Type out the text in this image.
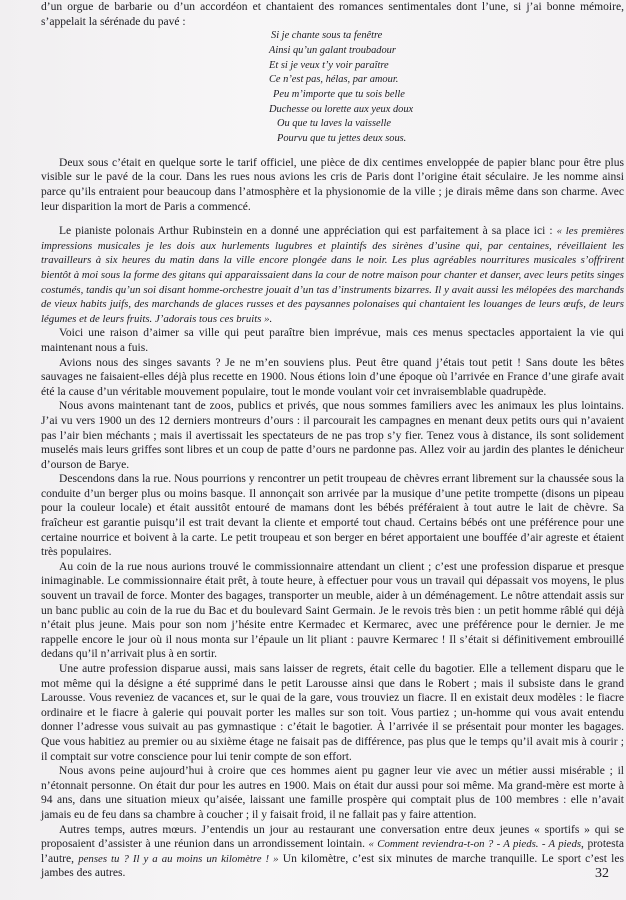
d’un orgue de barbarie ou d’un accordéon et chantaient des romances sentimentales dont l’une, si j’ai bonne mémoire, s’appelait la sérénade du pavé :

Si je chante sous ta fenêtre
Ainsi qu’un galant troubadour
Et si je veux t’y voir paraître
Ce n’est pas, hélas, par amour.
Peu m’importe que tu sois belle
Duchesse ou lorette aux yeux doux
Ou que tu laves la vaisselle
Pourvu que tu jettes deux sous.

Deux sous c’était en quelque sorte le tarif officiel, une pièce de dix centimes enveloppée de papier blanc pour être plus visible sur le pavé de la cour. Dans les rues nous avions les cris de Paris dont l’origine était séculaire. Je les nomme ainsi parce qu’ils entraient pour beaucoup dans l’atmosphère et la physionomie de la ville ; je dirais même dans son charme. Avec leur disparition la mort de Paris a commencé.

Le pianiste polonais Arthur Rubinstein en a donné une appréciation qui est parfaitement à sa place ici : « les premières impressions musicales je les dois aux hurlements lugubres et plaintifs des sirènes d’usine qui, par centaines, réveillaient les travailleurs à six heures du matin dans la ville encore plongée dans le noir. Les plus agréables nourritures musicales s’offrirent bientôt à moi sous la forme des gitans qui apparaissaient dans la cour de notre maison pour chanter et danser, avec leurs petits singes costumés, tandis qu’un soi disant homme-orchestre jouait d’un tas d’instruments bizarres. Il y avait aussi les mélopées des marchands de vieux habits juifs, des marchands de glaces russes et des paysannes polonaises qui chantaient les louanges de leurs œufs, de leurs légumes et de leurs fruits. J’adorais tous ces bruits ».

Voici une raison d’aimer sa ville qui peut paraître bien imprévue, mais ces menus spectacles apportaient la vie qui maintenant nous a fuis.

Avions nous des singes savants ? Je ne m’en souviens plus. Peut être quand j’étais tout petit ! Sans doute les bêtes sauvages ne faisaient-elles déjà plus recette en 1900. Nous étions loin d’une époque où l’arrivée en France d’une girafe avait été la cause d’un véritable mouvement populaire, tout le monde voulant voir cet invraisemblable quadrupède.

Nous avons maintenant tant de zoos, publics et privés, que nous sommes familiers avec les animaux les plus lointains. J’ai vu vers 1900 un des 12 derniers montreurs d’ours : il parcourait les campagnes en menant deux petits ours qui n’avaient pas l’air bien méchants ; mais il avertissait les spectateurs de ne pas trop s’y fier. Tenez vous à distance, ils sont solidement muselés mais leurs griffes sont libres et un coup de patte d’ours ne pardonne pas. Allez voir au jardin des plantes le dénicheur d’ourson de Barye.

Descendons dans la rue. Nous pourrions y rencontrer un petit troupeau de chèvres errant librement sur la chaussée sous la conduite d’un berger plus ou moins basque. Il annonçait son arrivée par la musique d’une petite trompette (disons un pipeau pour la couleur locale) et était aussitôt entouré de mamans dont les bébés préféraient à tout autre le lait de chèvre. Sa fraîcheur est garantie puisqu’il est trait devant la cliente et emporté tout chaud. Certains bébés ont une préférence pour une certaine nourrice et boivent à la carte. Le petit troupeau et son berger en béret apportaient une bouffée d’air agreste et étaient très populaires.

Au coin de la rue nous aurions trouvé le commissionnaire attendant un client ; c’est une profession disparue et presque inimaginable. Le commissionnaire était prêt, à toute heure, à effectuer pour vous un travail qui dépassait vos moyens, le plus souvent un travail de force. Monter des bagages, transporter un meuble, aider à un déménagement. Le nôtre attendait assis sur un banc public au coin de la rue du Bac et du boulevard Saint Germain. Je le revois très bien : un petit homme râblé qui déjà n’était plus jeune. Mais pour son nom j’hésite entre Kermadec et Kermarec, avec une préférence pour le dernier. Je me rappelle encore le jour où il nous monta sur l’épaule un lit pliant : pauvre Kermarec ! Il s’était si définitivement embrouillé dedans qu’il n’arrivait plus à en sortir.

Une autre profession disparue aussi, mais sans laisser de regrets, était celle du bagotier. Elle a tellement disparu que le mot même qui la désigne a été supprimé dans le petit Larousse ainsi que dans le Robert ; mais il subsiste dans le grand Larousse. Vous reveniez de vacances et, sur le quai de la gare, vous trouviez un fiacre. Il en existait deux modèles : le fiacre ordinaire et le fiacre à galerie qui pouvait porter les malles sur son toit. Vous partiez ; un-homme qui vous avait entendu donner l’adresse vous suivait au pas gymnastique : c’était le bagotier. À l’arrivée il se présentait pour monter les bagages. Que vous habitiez au premier ou au sixième étage ne faisait pas de différence, pas plus que le temps qu’il avait mis à courir ; il comptait sur votre conscience pour lui tenir compte de son effort.

Nous avons peine aujourd’hui à croire que ces hommes aient pu gagner leur vie avec un métier aussi misérable ; il n’étonnait personne. On était dur pour les autres en 1900. Mais on était dur aussi pour soi même. Ma grand-mère est morte à 94 ans, dans une situation mieux qu’aisée, laissant une famille prospère qui comptait plus de 100 membres : elle n’avait jamais eu de feu dans sa chambre à coucher ; il y faisait froid, il ne fallait pas y faire attention.

Autres temps, autres mœurs. J’entendis un jour au restaurant une conversation entre deux jeunes « sportifs » qui se proposaient d’assister à une réunion dans un arrondissement lointain. « Comment reviendra-t-on ? - A pieds. - A pieds, protesta l’autre, penses tu ? Il y a au moins un kilomètre ! » Un kilomètre, c’est six minutes de marche tranquille. Le sport c’est les jambes des autres.	32
